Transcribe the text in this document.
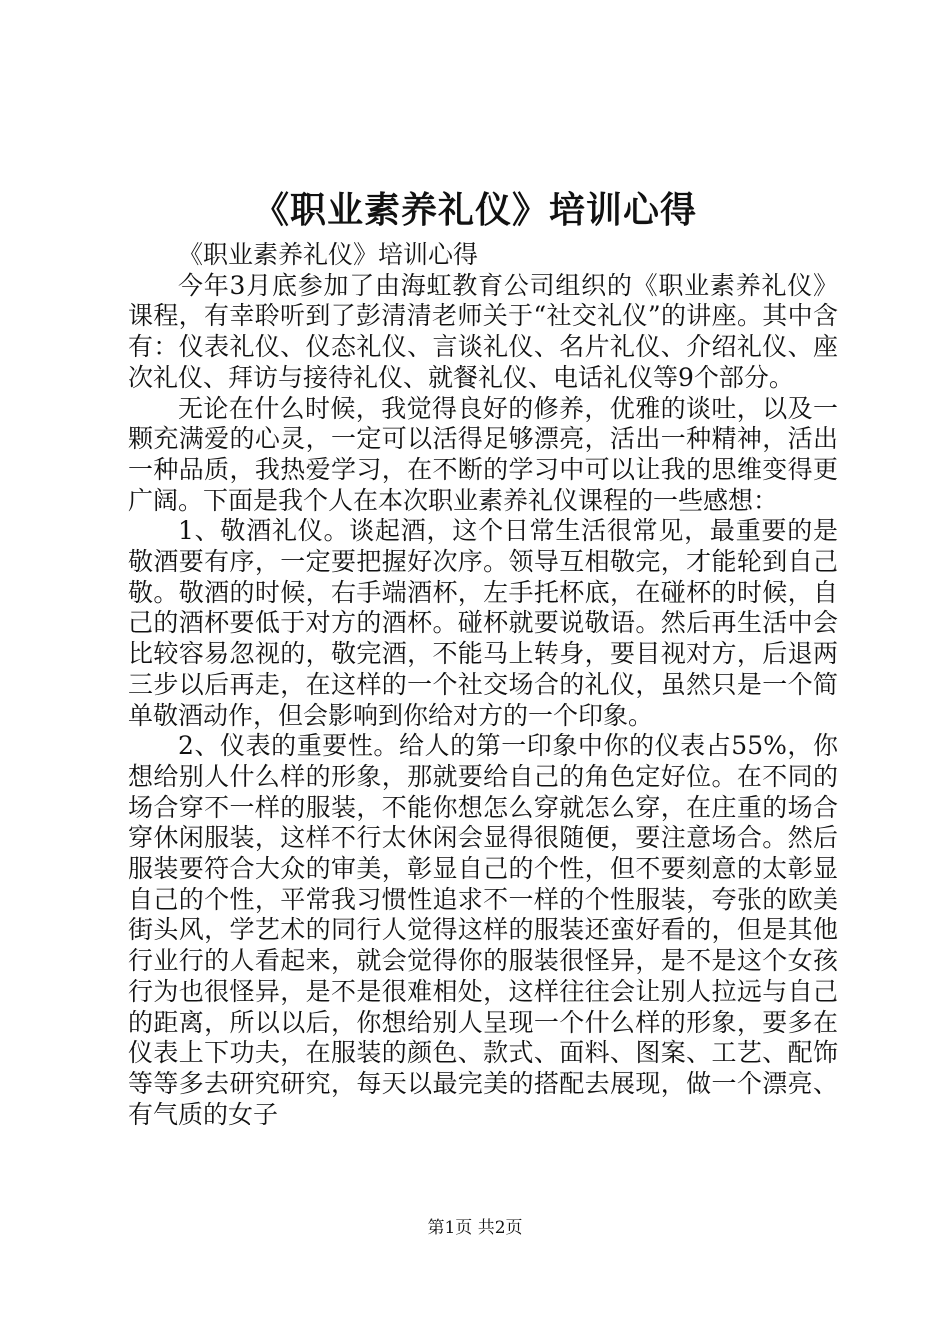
《职业素养礼仪》培训心得

《职业素养礼仪》培训心得

今年3月底参加了由海虹教育公司组织的《职业素养礼仪》课程，有幸聆听到了彭清清老师关于“社交礼仪”的讲座。其中含有：仪表礼仪、仪态礼仪、言谈礼仪、名片礼仪、介绍礼仪、座次礼仪、拜访与接待礼仪、就餐礼仪、电话礼仪等9个部分。

无论在什么时候，我觉得良好的修养，优雅的谈吐，以及一颗充满爱的心灵，一定可以活得足够漂亮，活出一种精神，活出一种品质，我热爱学习，在不断的学习中可以让我的思维变得更广阔。下面是我个人在本次职业素养礼仪课程的一些感想：

1、敬酒礼仪。谈起酒，这个日常生活很常见，最重要的是敬酒要有序，一定要把握好次序。领导互相敬完，才能轮到自己敬。敬酒的时候，右手端酒杯，左手托杯底，在碰杯的时候，自己的酒杯要低于对方的酒杯。碰杯就要说敬语。然后再生活中会比较容易忽视的，敬完酒，不能马上转身，要目视对方，后退两三步以后再走，在这样的一个社交场合的礼仪，虽然只是一个简单敬酒动作，但会影响到你给对方的一个印象。

2、仪表的重要性。给人的第一印象中你的仪表占55%，你想给别人什么样的形象，那就要给自己的角色定好位。在不同的场合穿不一样的服装，不能你想怎么穿就怎么穿，在庄重的场合穿休闲服装，这样不行太休闲会显得很随便，要注意场合。然后服装要符合大众的审美，彰显自己的个性，但不要刻意的太彰显自己的个性，平常我习惯性追求不一样的个性服装，夸张的欧美街头风，学艺术的同行人觉得这样的服装还蛮好看的，但是其他行业行的人看起来，就会觉得你的服装很怪异，是不是这个女孩行为也很怪异，是不是很难相处，这样往往会让别人拉远与自己的距离，所以以后，你想给别人呈现一个什么样的形象，要多在仪表上下功夫，在服装的颜色、款式、面料、图案、工艺、配饰等等多去研究研究，每天以最完美的搭配去展现，做一个漂亮、有气质的女子

第1页 共2页
